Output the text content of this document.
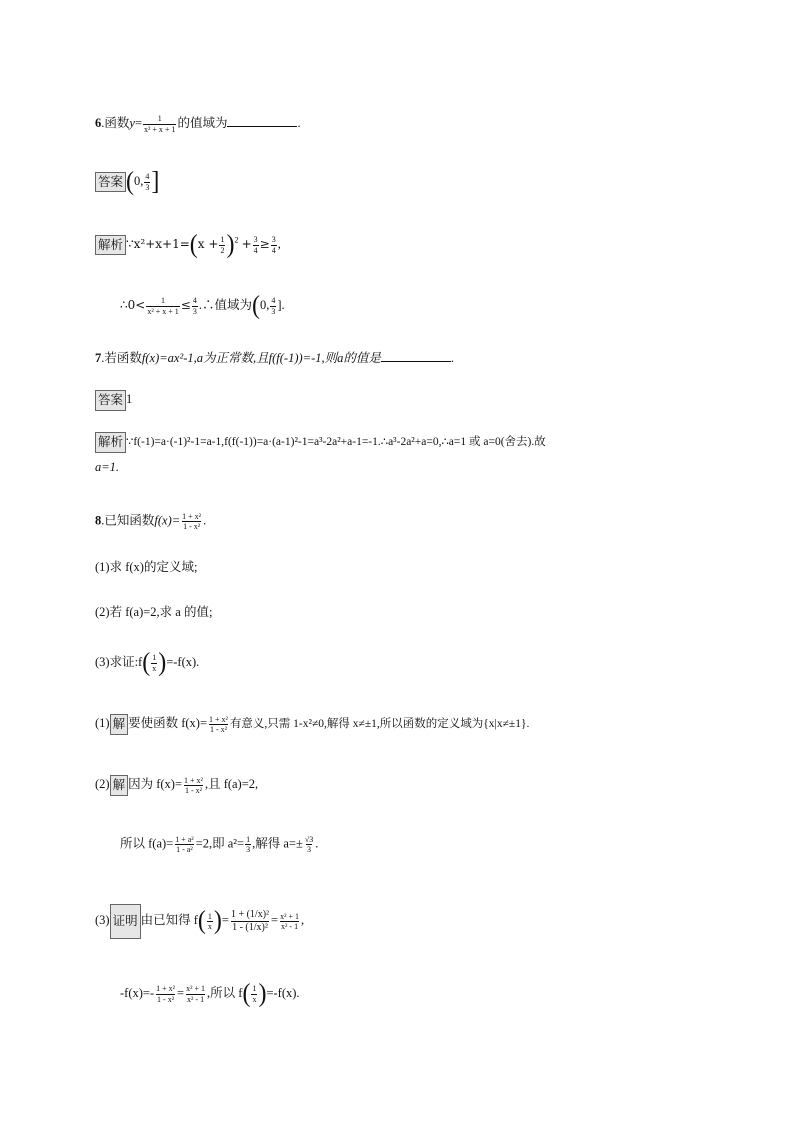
6.函数$y= \frac{1}{\text{x² + x + 1}}$ 的值域为	.
答案 (0, $\frac{4}{3}$ ]
解析 ∵x²+x+1=(x + $\frac{1}{2} )^2 + \frac{3}{4} \ge \frac{3}{4}$ ,
∴0< $\frac{1}{\text{x² + x + 1}} \le \frac{4}{3}$ .∴值域为(0, $\frac{4}{3}$ ].
7.若函数f(x)=ax²-1,a为正常数,且f(f(-1))=-1,则a的值是	.
答案 1
解析 ∵f(-1)=a·(-1)²-1=a-1,f(f(-1))=a·(a-1)²-1=a³-2a²+a-1=-1.∴a³-2a²+a=0,∴a=1 或 a=0(舍去).故
a=1.
8.已知函数$f(x)= \frac{\text{1 + x²}}{\text{1 - x²}}$ .
(1)求 f(x)的定义域;
(2)若 f(a)=2,求 a 的值;
(3)求证:f( $\frac{1}{x} )=-f(x)$.
(1) 解 要使函数 $f(x)= \frac{\text{1 + x²}}{\text{1 - x²}}$ 有意义,只需 1-x²≠0,解得 x≠±1,所以函数的定义域为{x|x≠±1}.
(2) 解 因为 $f(x)= \frac{\text{1 + x²}}{\text{1 - x²}}$ ,且 f(a)=2,
所以 $f(a)= \frac{\text{1 + a²}}{\text{1 - a²}} =2$,即 $a^2= \frac{1}{3}$ ,解得 $a=\pm \frac{√3}{3}$ .
(3) 证明 由已知得 $f( \frac{1}{x}$ )= $\frac{\text{1 + (1/x)²}}{\text{1 - (1/x)²}} = \frac{\text{x² + 1}}{\text{x² - 1}}$ ,
$-f(x)=- \frac{\text{1 + x²}}{\text{1 - x²}} = \frac{\text{x² + 1}}{\text{x² - 1}}$ ,所以 $f( \frac{1}{x} )=-f(x)$.
